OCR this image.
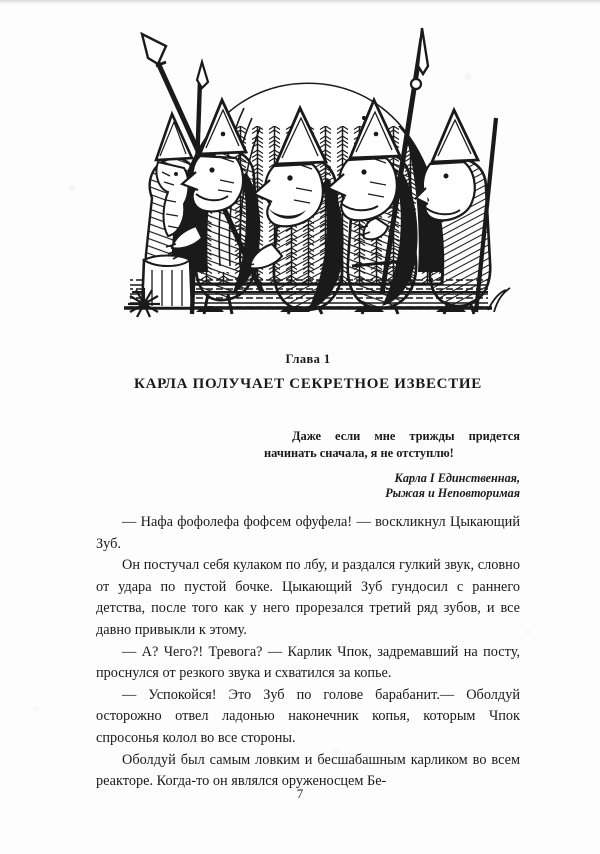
Глава 1
КАРЛА ПОЛУЧАЕТ СЕКРЕТНОЕ ИЗВЕСТИЕ

Даже если мне трижды придется начинать сначала, я не отступлю!

Карла I Единственная,
Рыжая и Неповторимая

— Нафа фофолефа фофсем офуфела! — воскликнул Цыкающий Зуб.

Он постучал себя кулаком по лбу, и раздался гулкий звук, словно от удара по пустой бочке. Цыкающий Зуб гундосил с раннего детства, после того как у него прорезался третий ряд зубов, и все давно привыкли к этому.

— А? Чего?! Тревога? — Карлик Чпок, задремавший на посту, проснулся от резкого звука и схватился за копье.

— Успокойся! Это Зуб по голове барабанит.— Оболдуй осторожно отвел ладонью наконечник копья, которым Чпок спросонья колол во все стороны.

Оболдуй был самым ловким и бесшабашным карликом во всем реакторе. Когда-то он являлся оруженосцем Бе-

7
